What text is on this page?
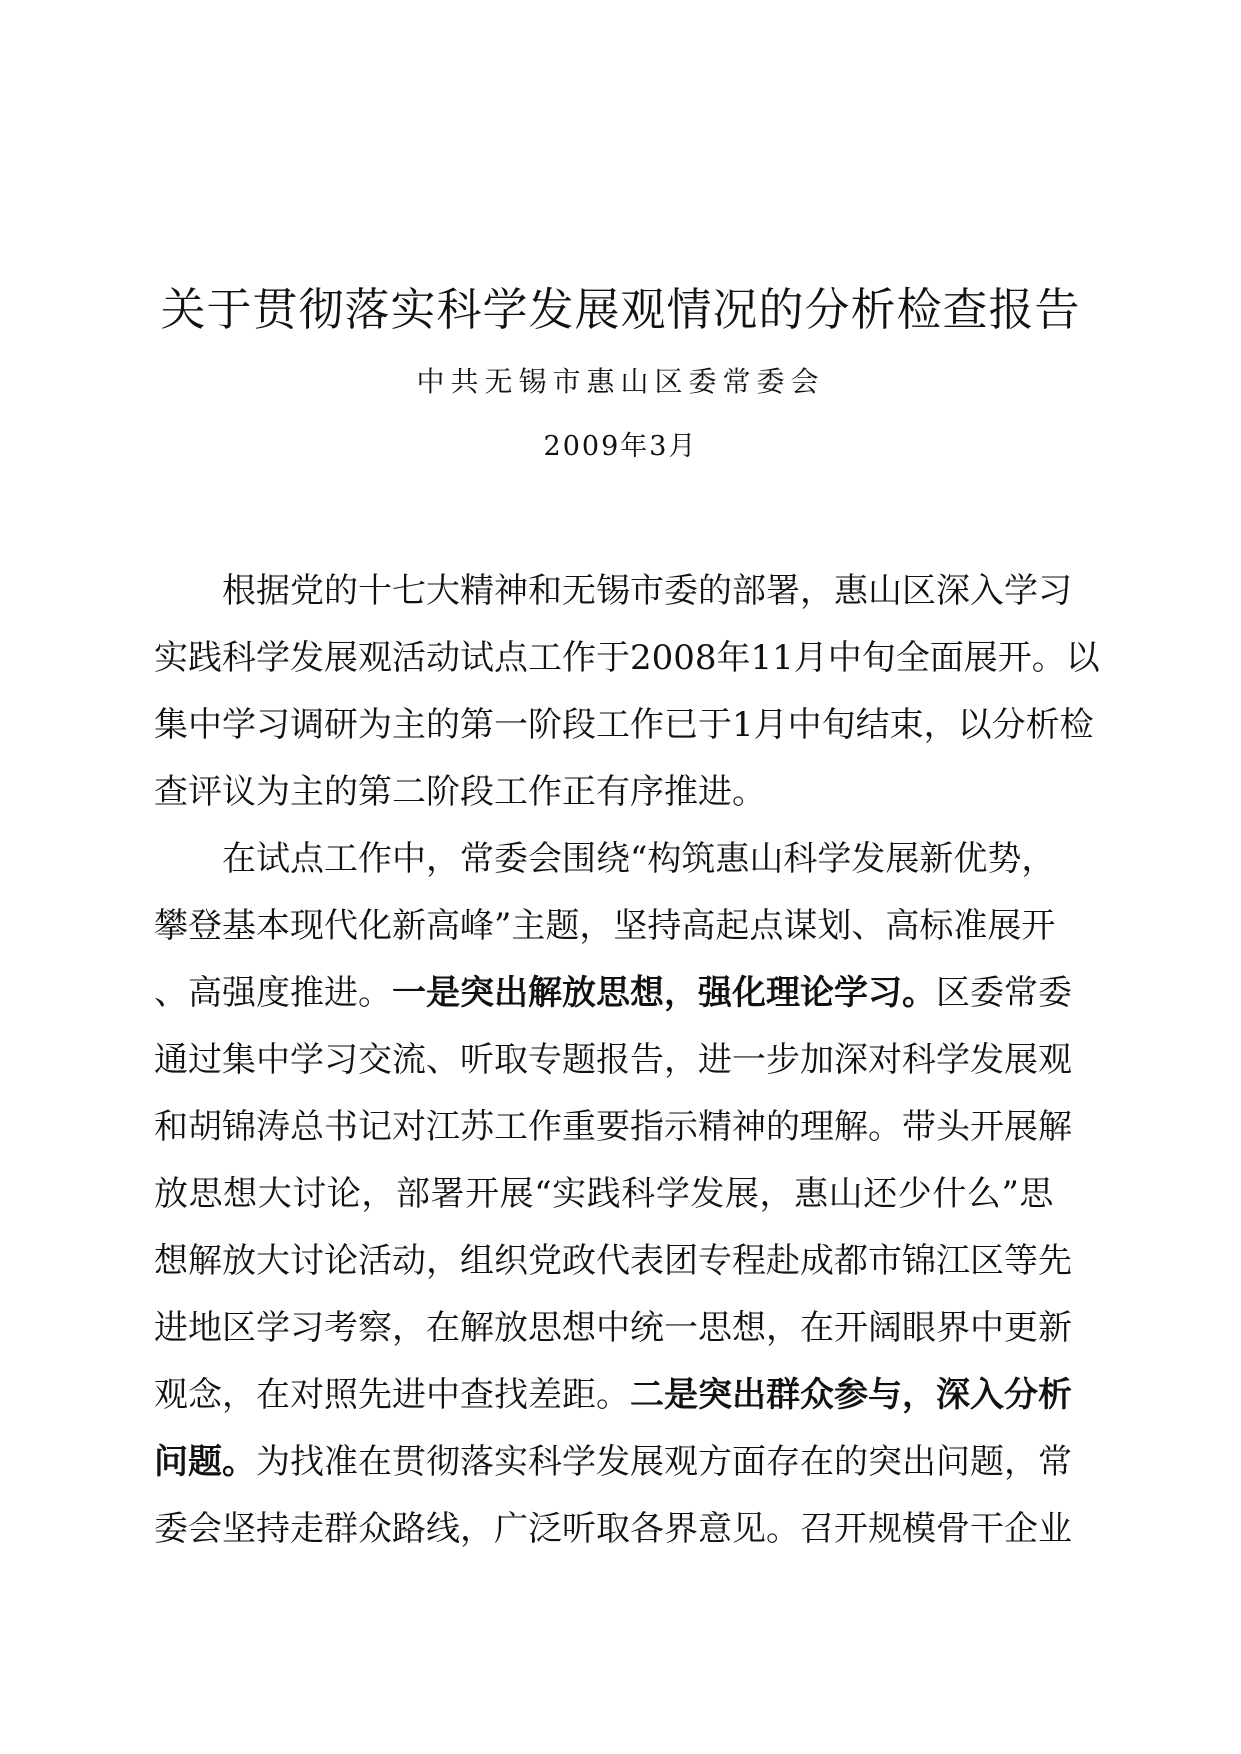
关于贯彻落实科学发展观情况的分析检查报告
中共无锡市惠山区委常委会
2009年3月
根据党的十七大精神和无锡市委的部署，惠山区深入学习
实践科学发展观活动试点工作于2008年11月中旬全面展开。以
集中学习调研为主的第一阶段工作已于1月中旬结束，以分析检
查评议为主的第二阶段工作正有序推进。
在试点工作中，常委会围绕“构筑惠山科学发展新优势，
攀登基本现代化新高峰”主题，坚持高起点谋划、高标准展开
、高强度推进。 一是突出解放思想，强化理论学习。 区委常委
通过集中学习交流、听取专题报告，进一步加深对科学发展观
和胡锦涛总书记对江苏工作重要指示精神的理解。带头开展解
放思想大讨论，部署开展“实践科学发展，惠山还少什么”思
想解放大讨论活动，组织党政代表团专程赴成都市锦江区等先
进地区学习考察，在解放思想中统一思想，在开阔眼界中更新
观念，在对照先进中查找差距。 二是突出群众参与，深入分析
问题。 为找准在贯彻落实科学发展观方面存在的突出问题，常
委会坚持走群众路线，广泛听取各界意见。召开规模骨干企业
